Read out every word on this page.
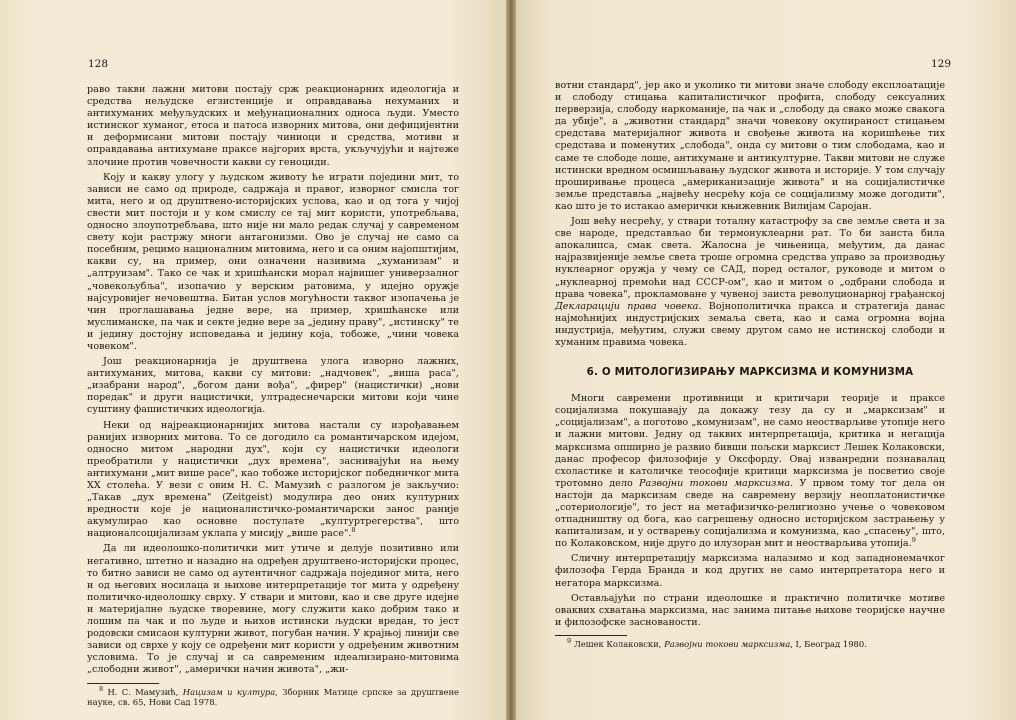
128

раво такви лажни митови постају срж реакционарних идеологија и средства нељудске егзистенције и оправдавања нехуманих и антихуманих међуљудских и међунационалних односа људи. Уместо истинског хуманог, етоса и патоса изворних митова, они дефицијентни и деформисани митови постају чиниоци и средства, мотиви и оправдавања антихумане праксе најгорих врста, укључујући и најтеже злочине против човечности какви су геноциди.

Коју и какву улогу у људском животу ће играти поједини мит, то зависи не само од природе, садржаја и правог, изворног смисла тог мита, него и од друштвено-историјских услова, као и од тога у чијој свести мит постоји и у ком смислу се тај мит користи, употребљава, односно злоупотребљава, што није ни мало редак случај у савременом свету који растржу многи антагонизми. Ово је случај не само са посебним, рецимо националним митовима, него и са оним најопштијим, какви су, на пример, они означени називима „хуманизам" и „алтруизам". Тако се чак и хришћански морал највишег универзалног „човекољубља", изопачио у верским ратовима, у идејно оружје најсуровијег нечовештва. Битан услов могућности таквог изопачења је чин проглашавања једне вере, на пример, хришћанске или муслиманске, па чак и секте једне вере за „једину праву", „истинску" те и једину достојну исповедања и једину која, тобоже, „чини човека човеком".

Још реакционарнија је друштвена улога изворно лажних, антихуманих, митова, какви су митови: „надчовек", „виша раса", „изабрани народ", „богом дани вођа", „фирер" (нацистички) „нови поредак" и други нацистички, ултрадеснечарски митови који чине суштину фашистичких идеологија.

Неки од најреакционарнијих митова настали су изрођавањем ранијих изворних митова. То се догодило са романтичарском идејом, односно митом „народни дух", који су нацистички идеологи преобратили у нацистички „дух времена", заснивајући на њему антихумани „мит више расе", као тобоже историјског победничког мита XX столећа. У вези с овим Н. С. Мамузић с разлогом је закључио: „Такав „дух времена" (Zeitgeist) модулира део оних културних вредности које је националистичко-романтичарски занос раније акумулирао као основне постулате „културтрегерства", што националсоцијализам уклапа у мисију „више расе".$^8$

Да ли идеолошко-политички мит утиче и делује позитивно или негативно, штетно и назадно на одређен друштвено-историјски процес, то битно зависи не само од аутентичног садржаја појединог мита, него и од његових носилаца и њихове интерпретације тог мита у одређену политичко-идеолошку сврху. У ствари и митови, као и све друге идејне и материјалне људске творевине, могу служити како добрим тако и лошим па чак и по људе и њихов истински људски вредан, то јест родовски смисаон културни живот, погубан начин. У крајњој линији све зависи од сврхе у коју се одређени мит користи у одређеним животним условима. То је случај и са савременим идеализирано-митовима „слободни живот", „амерички начин живота", „жи-

$^8$ Н. С. Мамузић, Нацизам и култура, Зборник Матице српске за друштвене науке, св. 65, Нови Сад 1978.

129

вотни стандард", јер ако и уколико ти митови значе слободу експлоатације и слободу стицања капиталистичког профита, слободу сексуалних перверзија, слободу наркоманије, па чак и „слободу да свако може свакога да убије", а „животни стандард" значи човекову окупираност стицањем средстава материјалног живота и свођење живота на коришћење тих средстава и поменутих „слобода", онда су митови о тим слободама, као и саме те слободе лоше, антихумане и антикултурне. Такви митови не служе истински вредном осмишљавању људског живота и историје. У том случају проширивање процеса „американизације живота" и на социјалистичке земље представља „највећу несрећу која се социјализму може догодити", као што је то истакао амерички књижевник Вилијам Саројан.

Још већу несрећу, у ствари тоталну катастрофу за све земље света и за све народе, представљао би термонуклеарни рат. То би заиста била апокалипса, смак света. Жалосна је чињеница, међутим, да данас најразвијеније земље света троше огромна средства управо за производњу нуклеарног оружја у чему се САД, поред осталог, руководе и митом о „нуклеарној премоћи над СССР-ом", као и митом о „одбрани слобода и права човека", прокламоване у чувеној заиста револуционарној грађанској Декларацији права човека. Војнополитичка пракса и стратегија данас најмоћнијих индустријских земаља света, као и сама огромна војна индустрија, међутим, служи свему другом само не истинској слободи и хуманим правима човека.

6. О МИТОЛОГИЗИРАЊУ МАРКСИЗМА И КОМУНИЗМА

Многи савремени противници и критичари теорије и праксе социјализма покушавају да докажу тезу да су и „марксизам" и „социјализам", а поготово „комунизам", не само неостварљиве утопије него и лажни митови. Једну од таквих интерпретација, критика и негација марксизма опширно је развио бивши пољски марксист Лешек Колаковски, данас професор филозофије у Оксфорду. Овај изванредни познавалац схоластике и католичке теософије критици марксизма је посветио своје тротомно дело Развојни токови марксизма. У првом тому тог дела он настоји да марксизам сведе на савремену верзију неоплатонистичке „сотериологије", то јест на метафизичко-религиозно учење о човековом отпадништву од бога, као сагрешењу односно историјском застрањењу у капитализам, и у остварењу социјализма и комунизма, као „спасењу", што, по Колаковском, није друго до илузоран мит и неостварљива утопија.$^9$

Сличну интерпретацију марксизма налазимо и код западнонемачког филозофа Герда Бранда и код других не само интерпретатора него и негатора марксизма.

Остављајући по страни идеолошке и практично политичке мотиве оваквих схватања марксизма, нас занима питање њихове теоријске научне и филозофске заснованости.

$^9$ Лешек Колаковски, Развојни токови марксизма, I, Београд 1980.
